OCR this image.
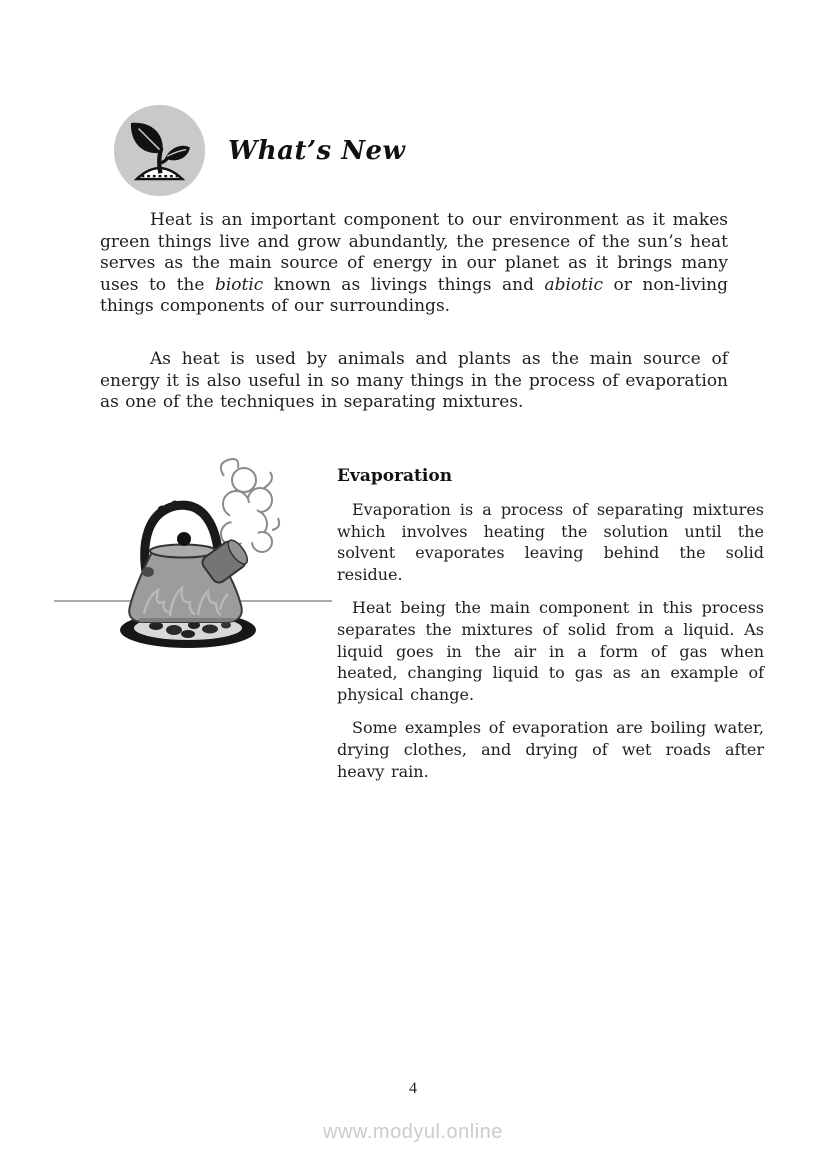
What’s New

Heat is an important component to our environment as it makes green things live and grow abundantly, the presence of the sun’s heat serves as the main source of energy in our planet as it brings many uses to the biotic known as livings things and abiotic or non-living things components of our surroundings.

As heat is used by animals and plants as the main source of energy it is also useful in so many things in the process of evaporation as one of the techniques in separating mixtures.

Evaporation

Evaporation is a process of separating mixtures which involves heating the solution until the solvent evaporates leaving behind the solid residue.

Heat being the main component in this process separates the mixtures of solid from a liquid. As liquid goes in the air in a form of gas when heated, changing liquid to gas as an example of physical change.

Some examples of evaporation are boiling water, drying clothes, and drying of wet roads after heavy rain.

4
www.modyul.online
